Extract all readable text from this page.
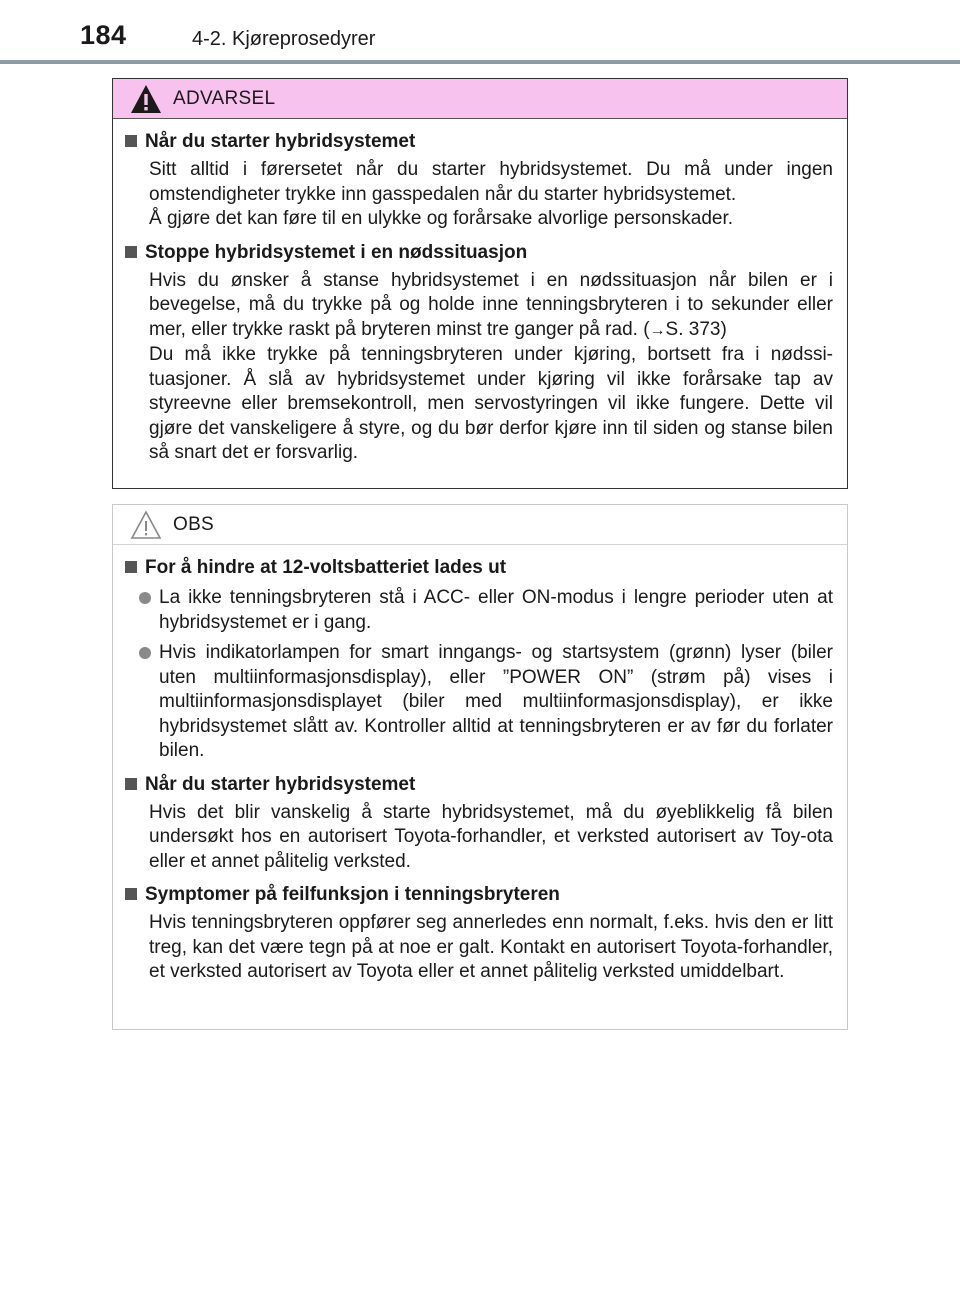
184	4-2. Kjøreprosedyrer
ADVARSEL
Når du starter hybridsystemet
Sitt alltid i førersetet når du starter hybridsystemet. Du må under ingen omstendigheter trykke inn gasspedalen når du starter hybridsystemet.
Å gjøre det kan føre til en ulykke og forårsake alvorlige personskader.
Stoppe hybridsystemet i en nødssituasjon
Hvis du ønsker å stanse hybridsystemet i en nødssituasjon når bilen er i bevegelse, må du trykke på og holde inne tenningsbryteren i to sekunder eller mer, eller trykke raskt på bryteren minst tre ganger på rad. (→S. 373)
Du må ikke trykke på tenningsbryteren under kjøring, bortsett fra i nødssi-tuasjoner. Å slå av hybridsystemet under kjøring vil ikke forårsake tap av styreevne eller bremsekontroll, men servostyringen vil ikke fungere. Dette vil gjøre det vanskeligere å styre, og du bør derfor kjøre inn til siden og stanse bilen så snart det er forsvarlig.
OBS
For å hindre at 12-voltsbatteriet lades ut
La ikke tenningsbryteren stå i ACC- eller ON-modus i lengre perioder uten at hybridsystemet er i gang.
Hvis indikatorlampen for smart inngangs- og startsystem (grønn) lyser (biler uten multiinformasjonsdisplay), eller ”POWER ON” (strøm på) vises i multiinformasjonsdisplayet (biler med multiinformasjonsdisplay), er ikke hybridsystemet slått av. Kontroller alltid at tenningsbryteren er av før du forlater bilen.
Når du starter hybridsystemet
Hvis det blir vanskelig å starte hybridsystemet, må du øyeblikkelig få bilen undersøkt hos en autorisert Toyota-forhandler, et verksted autorisert av Toy-ota eller et annet pålitelig verksted.
Symptomer på feilfunksjon i tenningsbryteren
Hvis tenningsbryteren oppfører seg annerledes enn normalt, f.eks. hvis den er litt treg, kan det være tegn på at noe er galt. Kontakt en autorisert Toyota-forhandler, et verksted autorisert av Toyota eller et annet pålitelig verksted umiddelbart.
